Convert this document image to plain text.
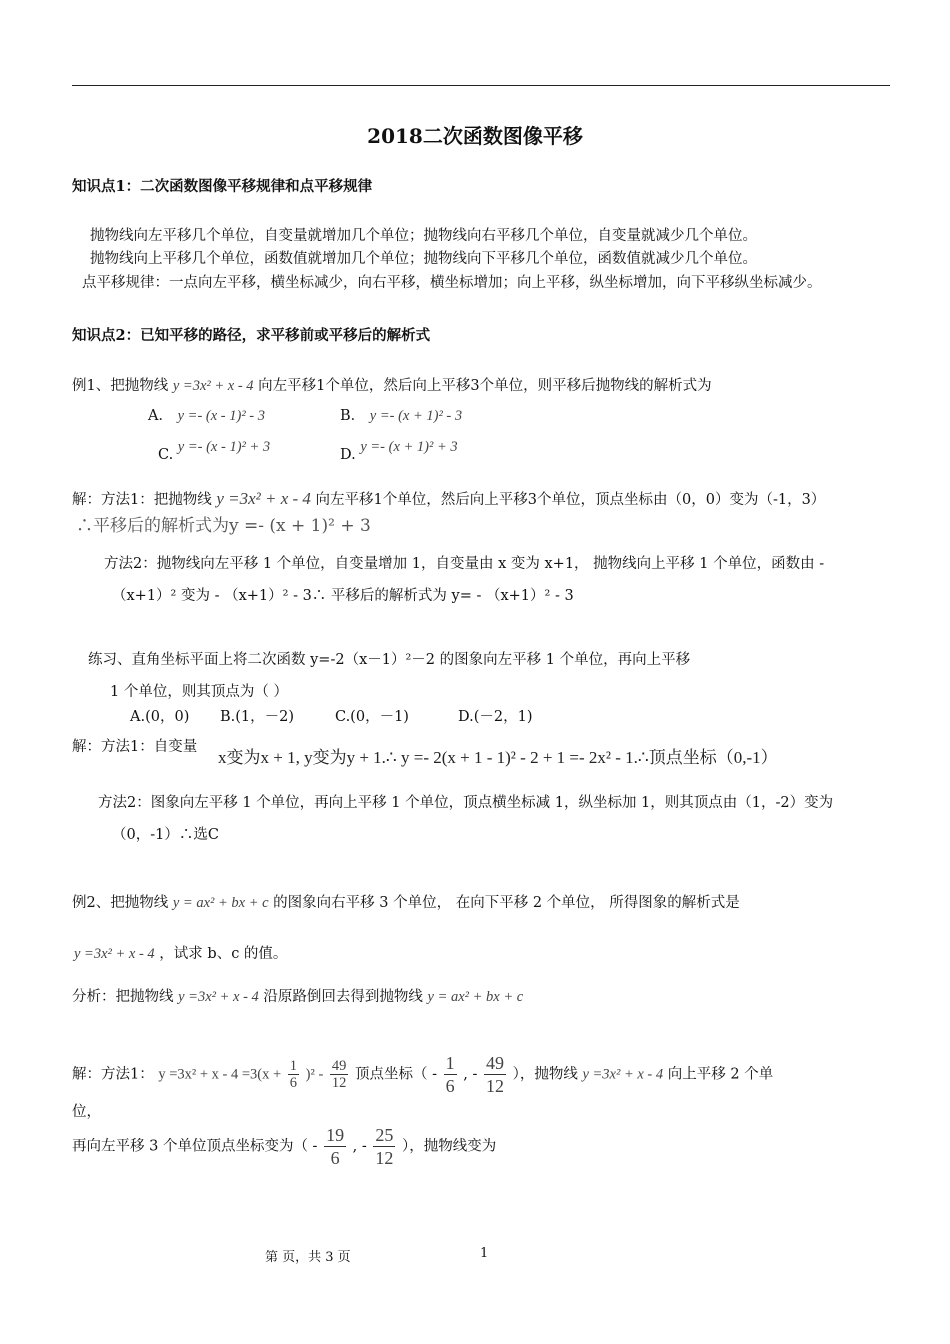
2018二次函数图像平移
知识点1：二次函数图像平移规律和点平移规律
抛物线向左平移几个单位，自变量就增加几个单位；抛物线向右平移几个单位，自变量就减少几个单位。
抛物线向上平移几个单位，函数值就增加几个单位；抛物线向下平移几个单位，函数值就减少几个单位。
点平移规律：一点向左平移，横坐标减少，向右平移，横坐标增加；向上平移，纵坐标增加，向下平移纵坐标减少。
知识点2：已知平移的路径，求平移前或平移后的解析式
例1、把抛物线 y =3x² + x - 4 向左平移1个单位，然后向上平移3个单位，则平移后抛物线的解析式为
A． y =- (x - 1)² - 3	B． y =- (x + 1)² - 3
C. y =- (x - 1)² + 3	D. y =- (x + 1)² + 3
解：方法1：把抛物线 y =3x² + x - 4 向左平移1个单位，然后向上平移3个单位，顶点坐标由（0，0）变为（-1，3）
∴平移后的解析式为y =- (x + 1)² + 3
方法2：抛物线向左平移 1 个单位，自变量增加 1，自变量由 x 变为 x+1， 抛物线向上平移 1 个单位，函数由 -
（x+1）² 变为 - （x+1）² - 3∴ 平移后的解析式为 y= - （x+1）² - 3
练习、直角坐标平面上将二次函数 y=-2（x－1）²－2 的图象向左平移 1 个单位，再向上平移
1 个单位，则其顶点为（ ）
A.(0，0) B.(1，－2)	C.(0，－1)	D.(－2，1)
解：方法1：自变量
x变为x + 1, y变为y + 1.∴ y =- 2(x + 1 - 1)² - 2 + 1 =- 2x² - 1.∴顶点坐标（0,-1）
方法2：图象向左平移 1 个单位，再向上平移 1 个单位，顶点横坐标减 1，纵坐标加 1，则其顶点由（1，-2）变为
（0，-1）∴选C
例2、把抛物线 y = ax² + bx + c 的图象向右平移 3 个单位， 在向下平移 2 个单位， 所得图象的解析式是
y =3x² + x - 4 ，试求 b、c 的值。
分析：把抛物线 y =3x² + x - 4 沿原路倒回去得到抛物线 y = ax² + bx + c
解：方法1： $y =3x^2 + x - 4 =3(x + \frac{1}{6} )^2 - \frac{49}{12}$ 顶点坐标（ - $\frac{1}{6}$ , - $\frac{49}{12}$ ），抛物线 y =3x² + x - 4 向上平移 2 个单
位，
再向左平移 3 个单位顶点坐标变为（ - $\frac{19}{6}$ , - $\frac{25}{12}$ ），抛物线变为
第 页，共 3 页	1
